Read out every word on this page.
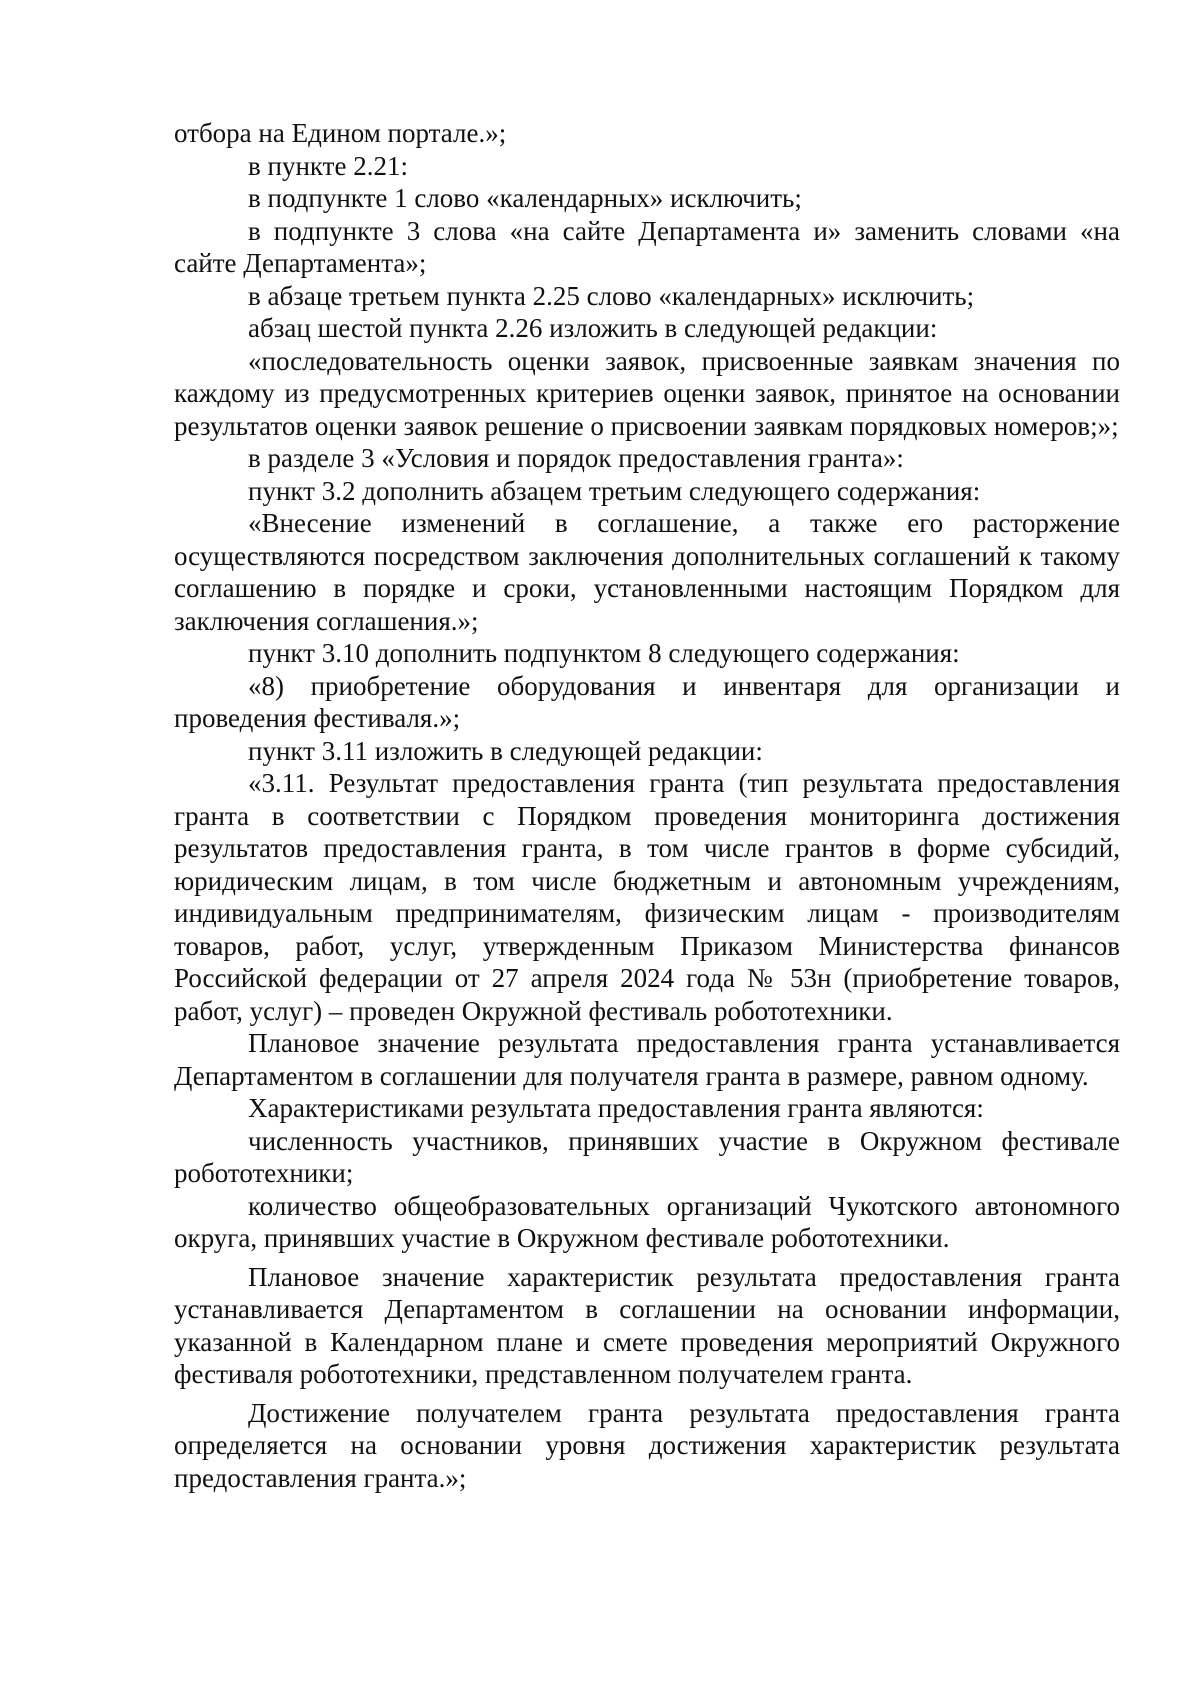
отбора на Едином портале.»;

в пункте 2.21:

в подпункте 1 слово «календарных» исключить;

в подпункте 3 слова «на сайте Департамента и» заменить словами «на сайте Департамента»;

в абзаце третьем пункта 2.25 слово «календарных» исключить;

абзац шестой пункта 2.26 изложить в следующей редакции:

«последовательность оценки заявок, присвоенные заявкам значения по каждому из предусмотренных критериев оценки заявок, принятое на основании результатов оценки заявок решение о присвоении заявкам порядковых номеров;»;

в разделе 3 «Условия и порядок предоставления гранта»:

пункт 3.2 дополнить абзацем третьим следующего содержания:

«Внесение изменений в соглашение, а также его расторжение осуществляются посредством заключения дополнительных соглашений к такому соглашению в порядке и сроки, установленными настоящим Порядком для заключения соглашения.»;

пункт 3.10 дополнить подпунктом 8 следующего содержания:

«8) приобретение оборудования и инвентаря для организации и проведения фестиваля.»;

пункт 3.11 изложить в следующей редакции:

«3.11. Результат предоставления гранта (тип результата предоставления гранта в соответствии с Порядком проведения мониторинга достижения результатов предоставления гранта, в том числе грантов в форме субсидий, юридическим лицам, в том числе бюджетным и автономным учреждениям, индивидуальным предпринимателям, физическим лицам - производителям товаров, работ, услуг, утвержденным Приказом Министерства финансов Российской федерации от 27 апреля 2024 года № 53н (приобретение товаров, работ, услуг) – проведен Окружной фестиваль робототехники.

Плановое значение результата предоставления гранта устанавливается Департаментом в соглашении для получателя гранта в размере, равном одному.

Характеристиками результата предоставления гранта являются:

численность участников, принявших участие в Окружном фестивале робототехники;

количество общеобразовательных организаций Чукотского автономного округа, принявших участие в Окружном фестивале робототехники.

Плановое значение характеристик результата предоставления гранта устанавливается Департаментом в соглашении на основании информации, указанной в Календарном плане и смете проведения мероприятий Окружного фестиваля робототехники, представленном получателем гранта.

Достижение получателем гранта результата предоставления гранта определяется на основании уровня достижения характеристик результата предоставления гранта.»;
